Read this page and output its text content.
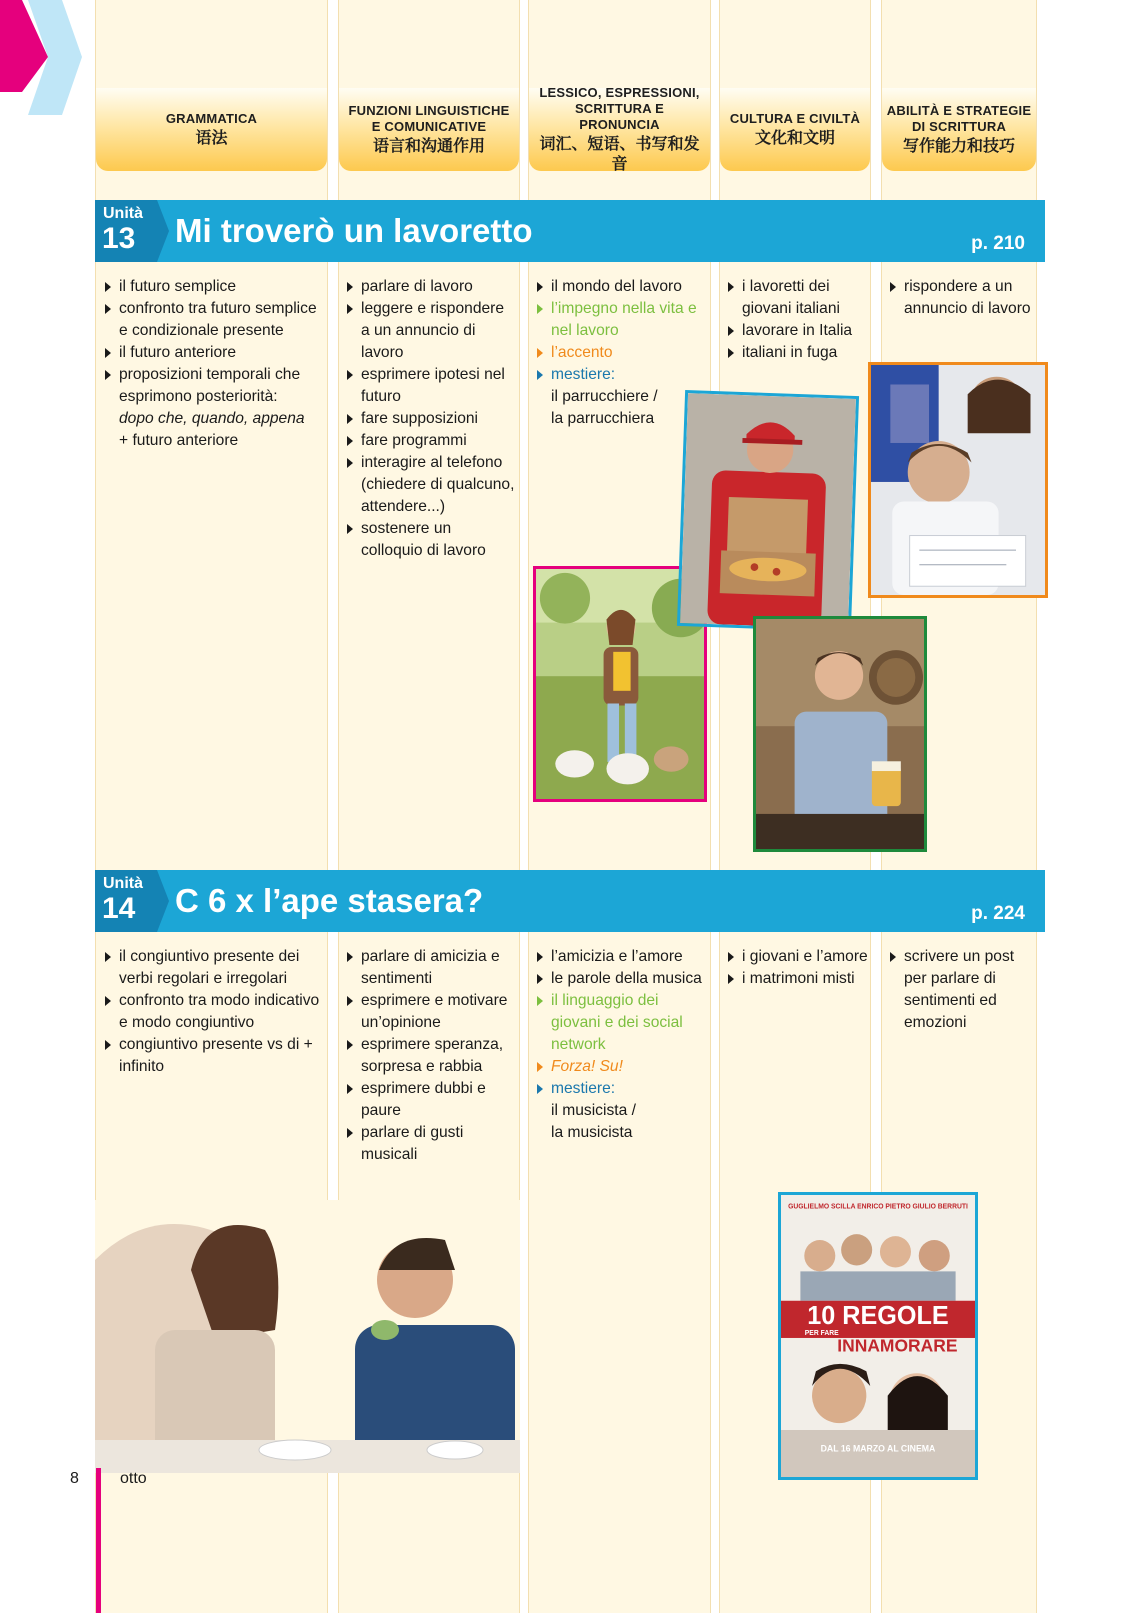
GRAMMATICA
语法
FUNZIONI LINGUISTICHE
E COMUNICATIVE
语言和沟通作用
LESSICO, ESPRESSIONI,
SCRITTURA E PRONUNCIA
词汇、短语、书写和发音
CULTURA E CIVILTÀ
文化和文明
ABILITÀ E STRATEGIE
DI SCRITTURA
写作能力和技巧
Unità
13 Mi troverò un lavoretto	p. 210
il futuro semplice
confronto tra futuro semplice e condizionale presente
il futuro anteriore
proposizioni temporali che esprimono posteriorità:
dopo che, quando, appena
+ futuro anteriore
parlare di lavoro
leggere e rispondere a un annuncio di lavoro
esprimere ipotesi nel futuro
fare supposizioni
fare programmi
interagire al telefono (chiedere di qualcuno, attendere...)
sostenere un colloquio di lavoro
il mondo del lavoro
l’impegno nella vita e nel lavoro
l’accento
mestiere:
il parrucchiere /
la parrucchiera
i lavoretti dei giovani italiani
lavorare in Italia
italiani in fuga
rispondere a un annuncio di lavoro
Unità
14 C 6 x l’ape stasera?	p. 224
il congiuntivo presente dei verbi regolari e irregolari
confronto tra modo indicativo e modo congiuntivo
congiuntivo presente vs di + infinito
parlare di amicizia e sentimenti
esprimere e motivare un’opinione
esprimere speranza, sorpresa e rabbia
esprimere dubbi e paure
parlare di gusti musicali
l’amicizia e l’amore
le parole della musica
il linguaggio dei giovani e dei social network
Forza! Su!
mestiere:
il musicista /
la musicista
i giovani e l’amore
i matrimoni misti
scrivere un post per parlare di sentimenti ed emozioni
GUGLIELMO SCILLA ENRICO PIETRO GIULIO BERRUTI
10 REGOLE
PER FARE
INNAMORARE
DAL 16 MARZO AL CINEMA
8	otto
